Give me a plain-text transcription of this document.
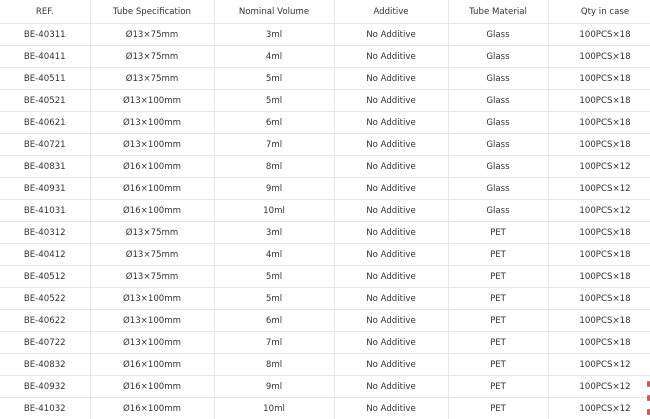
REF.	Tube Specification	Nominal Volume	Additive	Tube Material	Qty in case
BE-40311	Ø13×75mm	3ml	No Additive	Glass	100PCS×18
BE-40411	Ø13×75mm	4ml	No Additive	Glass	100PCS×18
BE-40511	Ø13×75mm	5ml	No Additive	Glass	100PCS×18
BE-40521	Ø13×100mm	5ml	No Additive	Glass	100PCS×18
BE-40621	Ø13×100mm	6ml	No Additive	Glass	100PCS×18
BE-40721	Ø13×100mm	7ml	No Additive	Glass	100PCS×18
BE-40831	Ø16×100mm	8ml	No Additive	Glass	100PCS×12
BE-40931	Ø16×100mm	9ml	No Additive	Glass	100PCS×12
BE-41031	Ø16×100mm	10ml	No Additive	Glass	100PCS×12
BE-40312	Ø13×75mm	3ml	No Additive	PET	100PCS×18
BE-40412	Ø13×75mm	4ml	No Additive	PET	100PCS×18
BE-40512	Ø13×75mm	5ml	No Additive	PET	100PCS×18
BE-40522	Ø13×100mm	5ml	No Additive	PET	100PCS×18
BE-40622	Ø13×100mm	6ml	No Additive	PET	100PCS×18
BE-40722	Ø13×100mm	7ml	No Additive	PET	100PCS×18
BE-40832	Ø16×100mm	8ml	No Additive	PET	100PCS×12
BE-40932	Ø16×100mm	9ml	No Additive	PET	100PCS×12
BE-41032	Ø16×100mm	10ml	No Additive	PET	100PCS×12
